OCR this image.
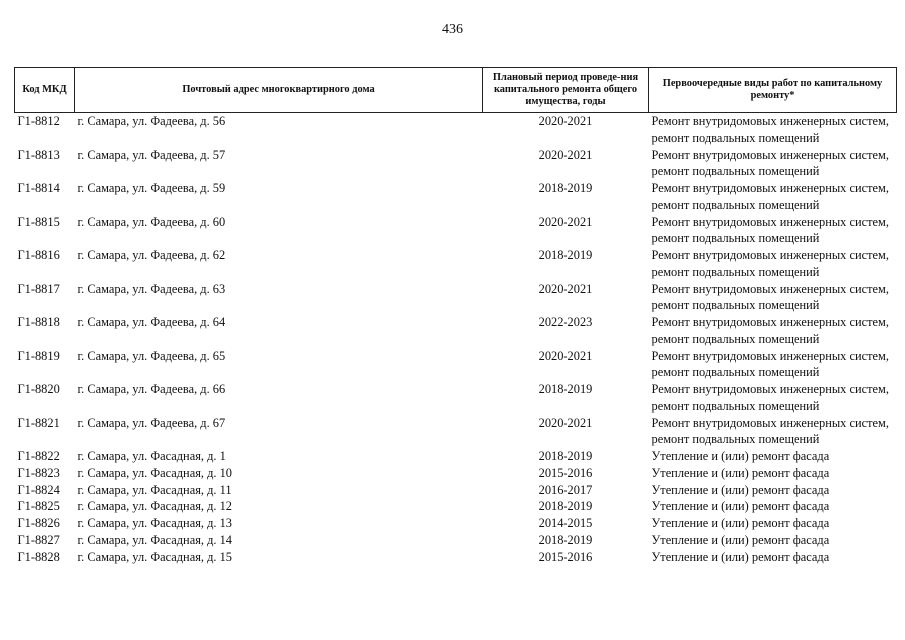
436
Код МКД	Почтовый адрес многоквартирного дома	Плановый период проведе-ния капитального ремонта общего имущества, годы	Первоочередные виды работ по капитальному ремонту*
Г1-8812	г. Самара, ул. Фадеева, д. 56	2020-2021	Ремонт внутридомовых инженерных систем, ремонт подвальных помещений
Г1-8813	г. Самара, ул. Фадеева, д. 57	2020-2021	Ремонт внутридомовых инженерных систем, ремонт подвальных помещений
Г1-8814	г. Самара, ул. Фадеева, д. 59	2018-2019	Ремонт внутридомовых инженерных систем, ремонт подвальных помещений
Г1-8815	г. Самара, ул. Фадеева, д. 60	2020-2021	Ремонт внутридомовых инженерных систем, ремонт подвальных помещений
Г1-8816	г. Самара, ул. Фадеева, д. 62	2018-2019	Ремонт внутридомовых инженерных систем, ремонт подвальных помещений
Г1-8817	г. Самара, ул. Фадеева, д. 63	2020-2021	Ремонт внутридомовых инженерных систем, ремонт подвальных помещений
Г1-8818	г. Самара, ул. Фадеева, д. 64	2022-2023	Ремонт внутридомовых инженерных систем, ремонт подвальных помещений
Г1-8819	г. Самара, ул. Фадеева, д. 65	2020-2021	Ремонт внутридомовых инженерных систем, ремонт подвальных помещений
Г1-8820	г. Самара, ул. Фадеева, д. 66	2018-2019	Ремонт внутридомовых инженерных систем, ремонт подвальных помещений
Г1-8821	г. Самара, ул. Фадеева, д. 67	2020-2021	Ремонт внутридомовых инженерных систем, ремонт подвальных помещений
Г1-8822	г. Самара, ул. Фасадная, д. 1	2018-2019	Утепление и (или) ремонт фасада
Г1-8823	г. Самара, ул. Фасадная, д. 10	2015-2016	Утепление и (или) ремонт фасада
Г1-8824	г. Самара, ул. Фасадная, д. 11	2016-2017	Утепление и (или) ремонт фасада
Г1-8825	г. Самара, ул. Фасадная, д. 12	2018-2019	Утепление и (или) ремонт фасада
Г1-8826	г. Самара, ул. Фасадная, д. 13	2014-2015	Утепление и (или) ремонт фасада
Г1-8827	г. Самара, ул. Фасадная, д. 14	2018-2019	Утепление и (или) ремонт фасада
Г1-8828	г. Самара, ул. Фасадная, д. 15	2015-2016	Утепление и (или) ремонт фасада
